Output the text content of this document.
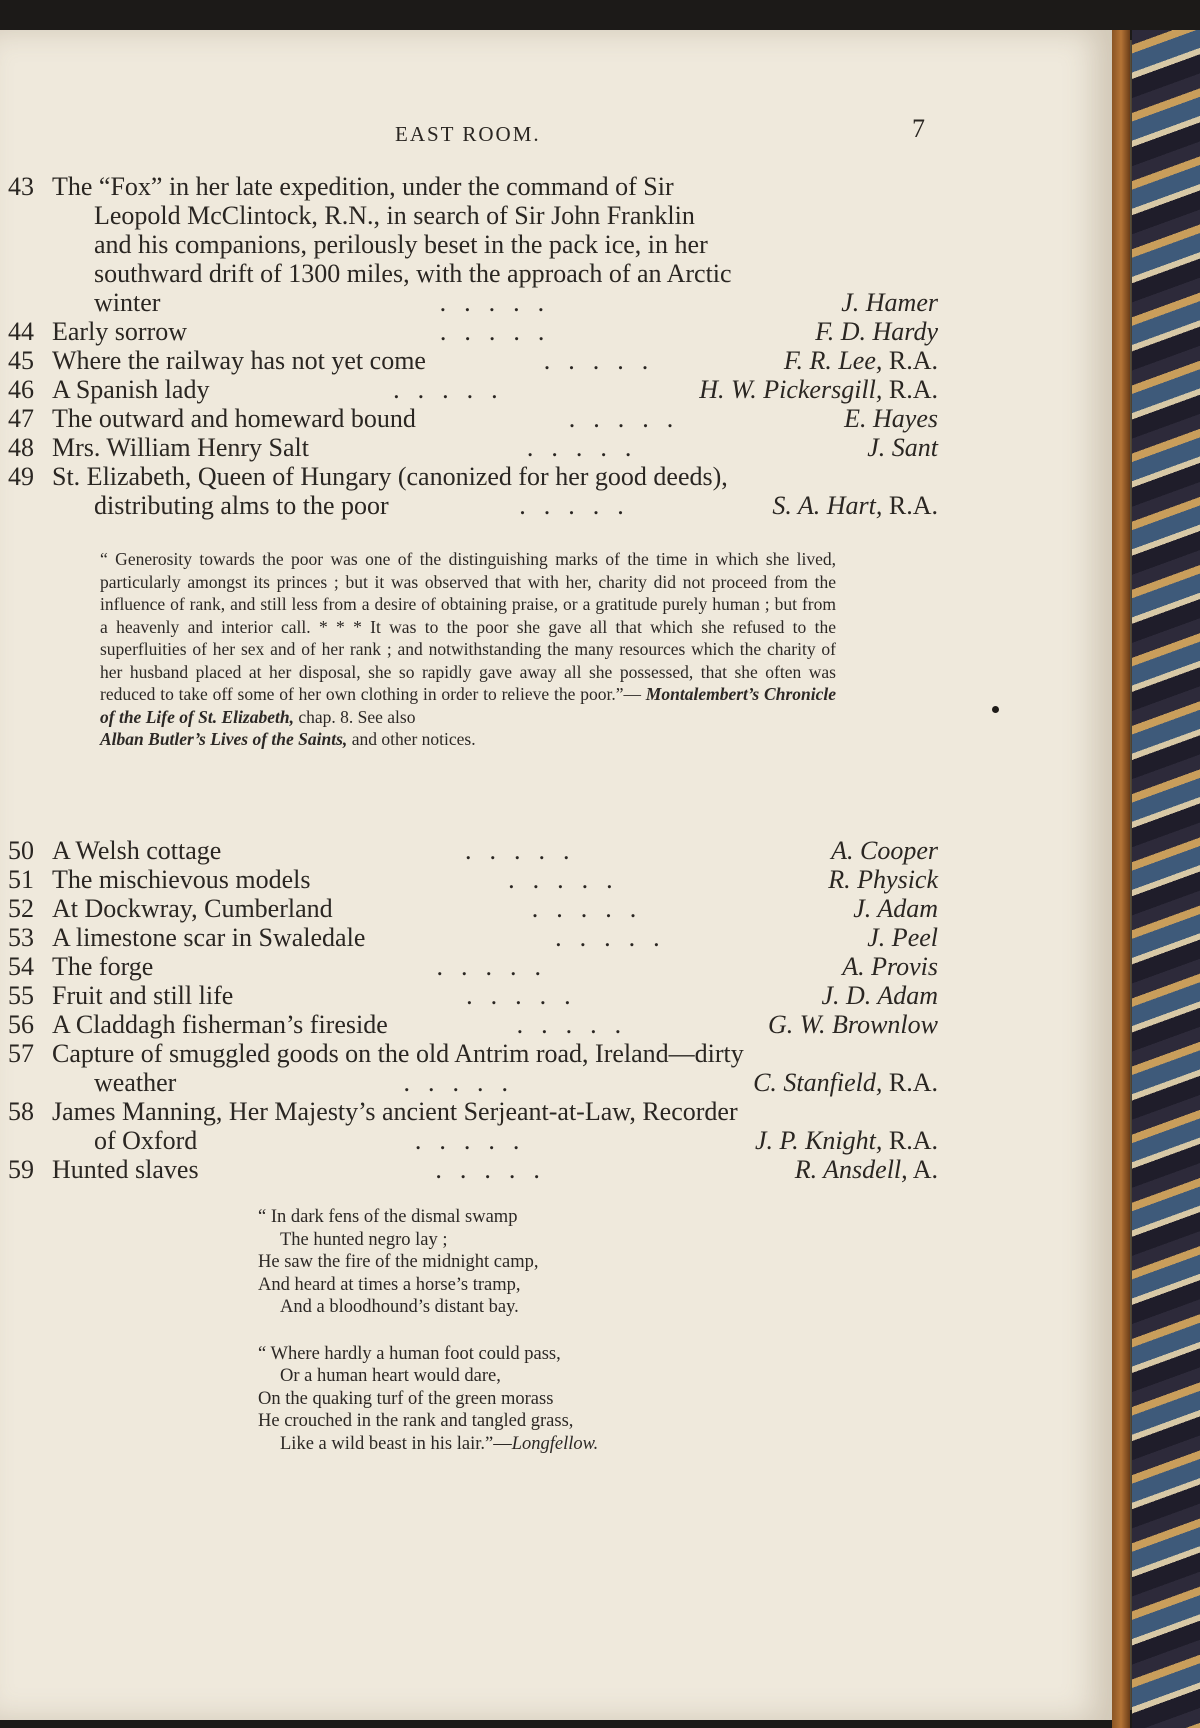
EAST ROOM.	7
43 The “Fox” in her late expedition, under the command of Sir
Leopold McClintock, R.N., in search of Sir John Franklin
and his companions, perilously beset in the pack ice, in her
southward drift of 1300 miles, with the approach of an Arctic
winter	.....	J. Hamer
44 Early sorrow	.....	F. D. Hardy
45 Where the railway has not yet come	.....	F. R. Lee, R.A.
46 A Spanish lady	.....	H. W. Pickersgill, R.A.
47 The outward and homeward bound	.....	E. Hayes
48 Mrs. William Henry Salt	.....	J. Sant
49 St. Elizabeth, Queen of Hungary (canonized for her good deeds),
distributing alms to the poor	.....	S. A. Hart, R.A.
“ Generosity towards the poor was one of the distinguishing marks of the time in which she lived, particularly amongst its princes ; but it was observed that with her, charity did not proceed from the influence of rank, and still less from a desire of obtaining praise, or a gratitude purely human ; but from a heavenly and interior call. * * * It was to the poor she gave all that which she refused to the superfluities of her sex and of her rank ; and notwithstanding the many resources which the charity of her husband placed at her disposal, she so rapidly gave away all she possessed, that she often was reduced to take off some of her own clothing in order to relieve the poor.”— Montalembert’s Chronicle of the Life of St. Elizabeth, chap. 8. See also
Alban Butler’s Lives of the Saints, and other notices.
50 A Welsh cottage	.....	A. Cooper
51 The mischievous models	.....	R. Physick
52 At Dockwray, Cumberland	.....	J. Adam
53 A limestone scar in Swaledale	.....	J. Peel
54 The forge	.....	A. Provis
55 Fruit and still life	.....	J. D. Adam
56 A Claddagh fisherman’s fireside	.....	G. W. Brownlow
57 Capture of smuggled goods on the old Antrim road, Ireland—dirty
weather	.....	C. Stanfield, R.A.
58 James Manning, Her Majesty’s ancient Serjeant-at-Law, Recorder
of Oxford	.....	J. P. Knight, R.A.
59 Hunted slaves	.....	R. Ansdell, A.

“ In dark fens of the dismal swamp
The hunted negro lay ;
He saw the fire of the midnight camp,
And heard at times a horse’s tramp,
And a bloodhound’s distant bay.

“ Where hardly a human foot could pass,
Or a human heart would dare,
On the quaking turf of the green morass
He crouched in the rank and tangled grass,
Like a wild beast in his lair.”—Longfellow.
